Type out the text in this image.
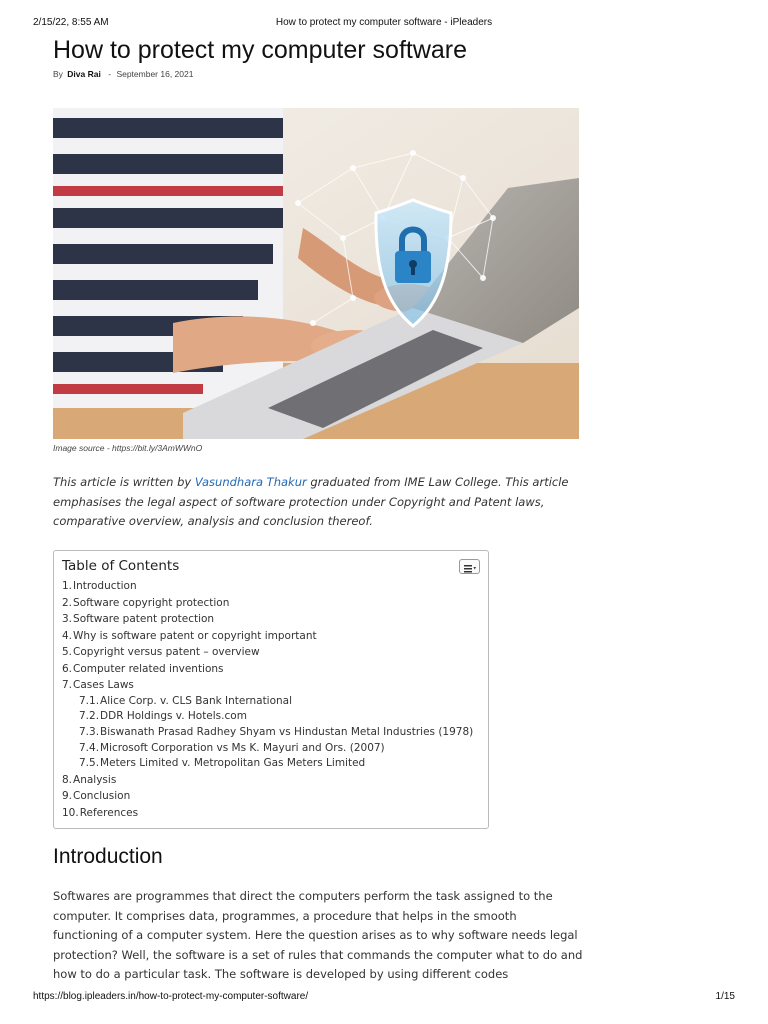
2/15/22, 8:55 AM	How to protect my computer software - iPleaders
How to protect my computer software
By Diva Rai - September 16, 2021
Image source - https://bit.ly/3AmWWnO

This article is written by Vasundhara Thakur graduated from IME Law College. This article emphasises the legal aspect of software protection under Copyright and Patent laws, comparative overview, analysis and conclusion thereof.

Table of Contents
1.Introduction
2.Software copyright protection
3.Software patent protection
4.Why is software patent or copyright important
5.Copyright versus patent – overview
6.Computer related inventions
7.Cases Laws
7.1.Alice Corp. v. CLS Bank International
7.2.DDR Holdings v. Hotels.com
7.3.Biswanath Prasad Radhey Shyam vs Hindustan Metal Industries (1978)
7.4.Microsoft Corporation vs Ms K. Mayuri and Ors. (2007)
7.5.Meters Limited v. Metropolitan Gas Meters Limited
8.Analysis
9.Conclusion
10.References
Introduction

Softwares are programmes that direct the computers perform the task assigned to the computer. It comprises data, programmes, a procedure that helps in the smooth functioning of a computer system. Here the question arises as to why software needs legal protection? Well, the software is a set of rules that commands the computer what to do and how to do a particular task. The software is developed by using different codes

https://blog.ipleaders.in/how-to-protect-my-computer-software/	1/15
